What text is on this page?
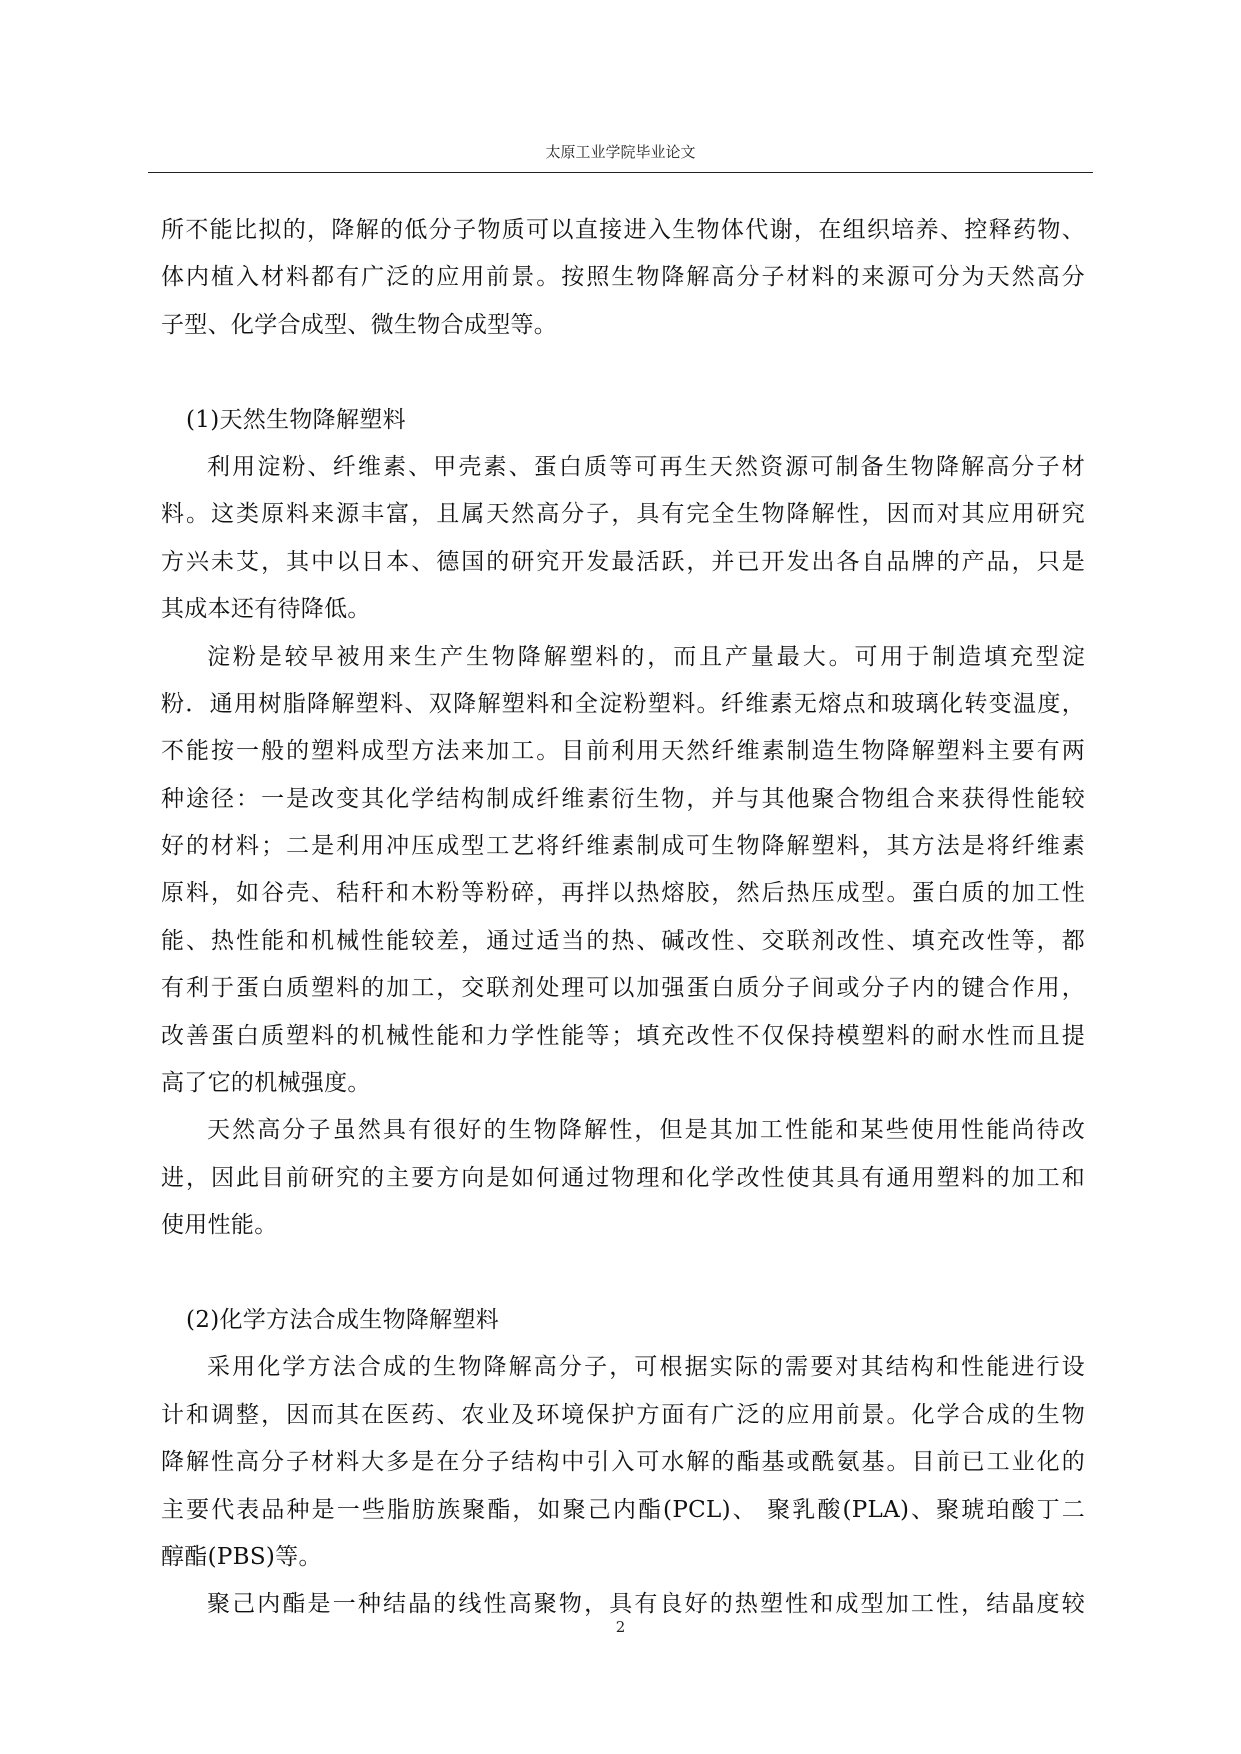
太原工业学院毕业论文
所不能比拟的，降解的低分子物质可以直接进入生物体代谢，在组织培养、控释药物、
体内植入材料都有广泛的应用前景。按照生物降解高分子材料的来源可分为天然高分
子型、化学合成型、微生物合成型等。
(1)天然生物降解塑料
利用淀粉、纤维素、甲壳素、蛋白质等可再生天然资源可制备生物降解高分子材
料。这类原料来源丰富，且属天然高分子，具有完全生物降解性，因而对其应用研究
方兴未艾，其中以日本、德国的研究开发最活跃，并已开发出各自品牌的产品，只是
其成本还有待降低。
淀粉是较早被用来生产生物降解塑料的，而且产量最大。可用于制造填充型淀
粉．通用树脂降解塑料、双降解塑料和全淀粉塑料。纤维素无熔点和玻璃化转变温度，
不能按一般的塑料成型方法来加工。目前利用天然纤维素制造生物降解塑料主要有两
种途径：一是改变其化学结构制成纤维素衍生物，并与其他聚合物组合来获得性能较
好的材料；二是利用冲压成型工艺将纤维素制成可生物降解塑料，其方法是将纤维素
原料，如谷壳、秸秆和木粉等粉碎，再拌以热熔胶，然后热压成型。蛋白质的加工性
能、热性能和机械性能较差，通过适当的热、碱改性、交联剂改性、填充改性等，都
有利于蛋白质塑料的加工，交联剂处理可以加强蛋白质分子间或分子内的键合作用，
改善蛋白质塑料的机械性能和力学性能等；填充改性不仅保持模塑料的耐水性而且提
高了它的机械强度。
天然高分子虽然具有很好的生物降解性，但是其加工性能和某些使用性能尚待改
进，因此目前研究的主要方向是如何通过物理和化学改性使其具有通用塑料的加工和
使用性能。
(2)化学方法合成生物降解塑料
采用化学方法合成的生物降解高分子，可根据实际的需要对其结构和性能进行设
计和调整，因而其在医药、农业及环境保护方面有广泛的应用前景。化学合成的生物
降解性高分子材料大多是在分子结构中引入可水解的酯基或酰氨基。目前已工业化的
主要代表品种是一些脂肪族聚酯，如聚己内酯(PCL)、 聚乳酸(PLA)、聚琥珀酸丁二
醇酯(PBS)等。
聚己内酯是一种结晶的线性高聚物，具有良好的热塑性和成型加工性，结晶度较
2
